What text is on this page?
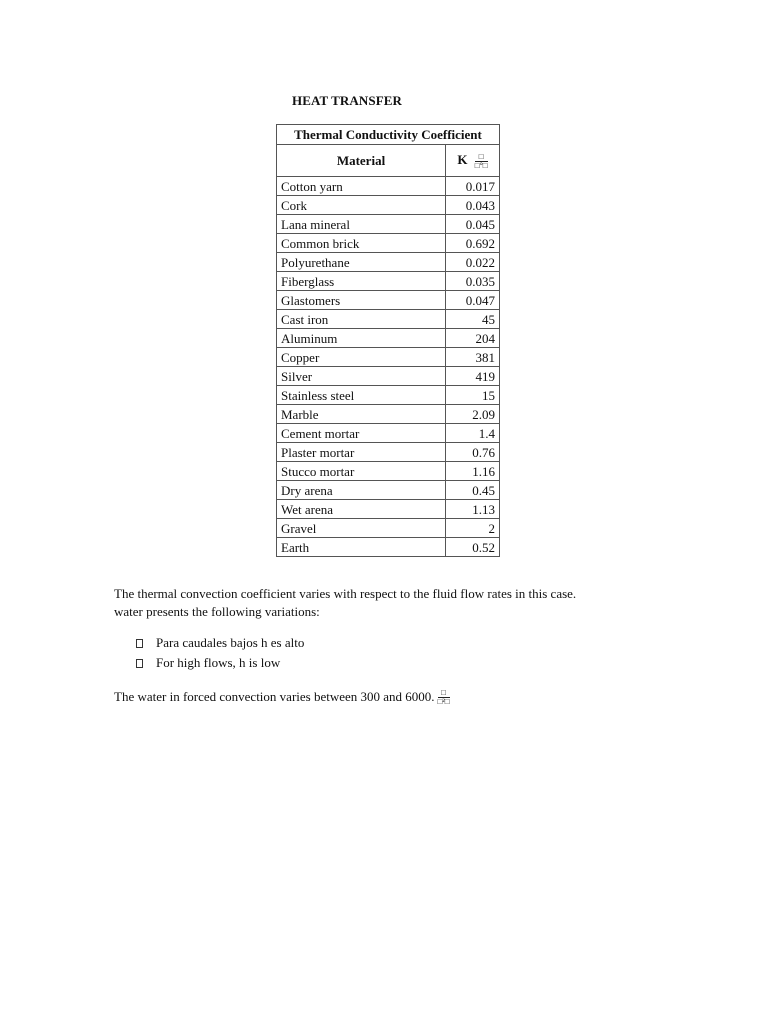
HEAT TRANSFER
Thermal Conductivity Coefficient	
Material	K $\frac{□}{□^\circ□}$

Cotton yarn	0.017
Cork	0.043
Lana mineral	0.045
Common brick	0.692
Polyurethane	0.022
Fiberglass	0.035
Glastomers	0.047
Cast iron	45
Aluminum	204
Copper	381
Silver	419
Stainless steel	15
Marble	2.09
Cement mortar	1.4
Plaster mortar	0.76
Stucco mortar	1.16
Dry arena	0.45
Wet arena	1.13
Gravel	2
Earth	0.52
The thermal convection coefficient varies with respect to the fluid flow rates in this case.
water presents the following variations:
Para caudales bajos h es alto
For high flows, h is low
The water in forced convection varies between 300 and 6000. $\frac{□}{\text{□²□}}$
